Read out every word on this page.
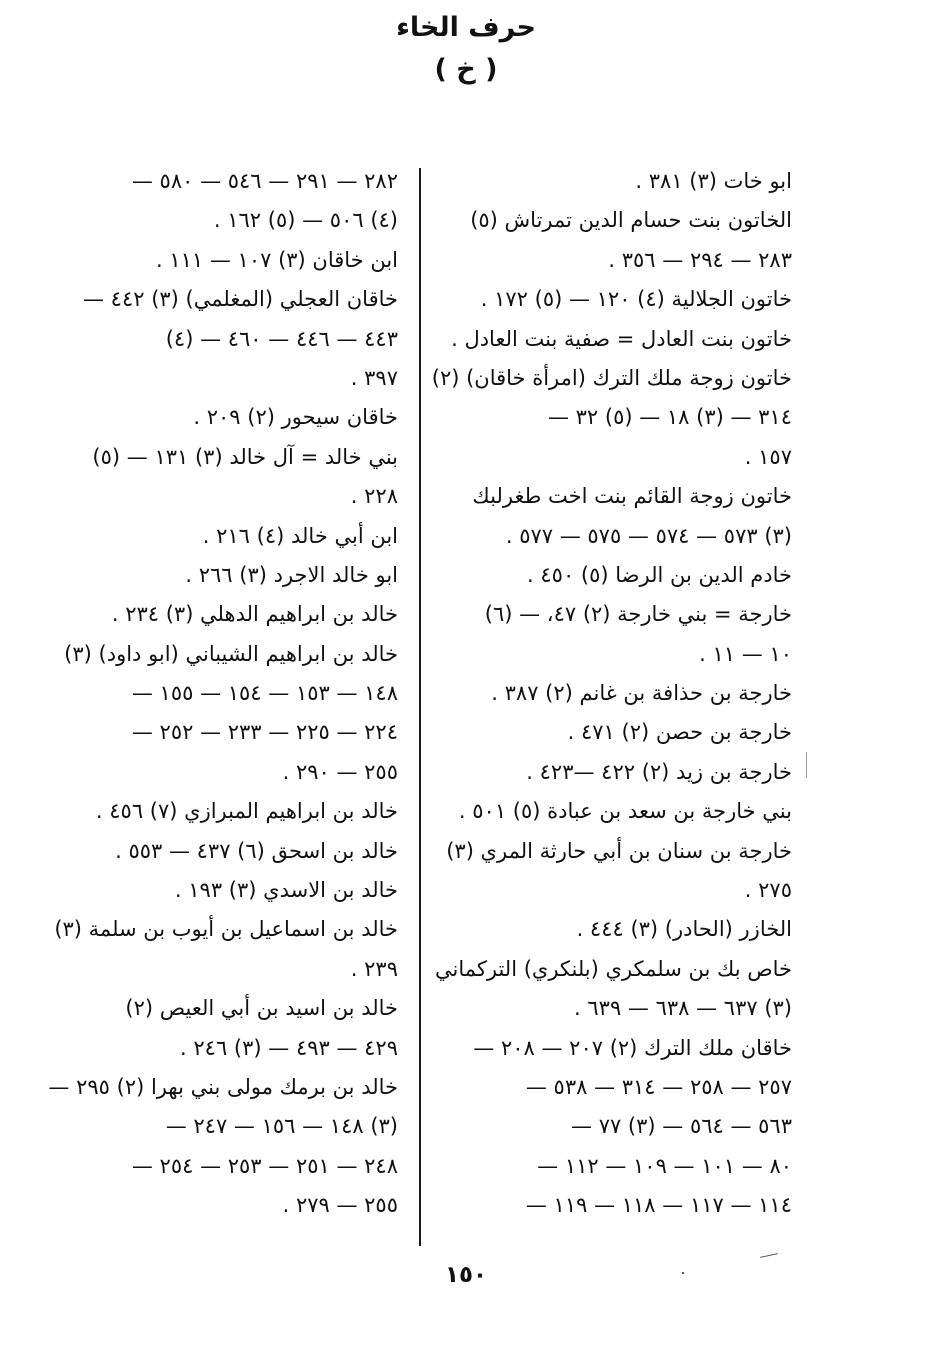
حرف الخاء
( خ )
ابو خات (٣) ٣٨١ .
الخاتون بنت حسام الدين تمرتاش (٥)
٢٨٣ — ٢٩٤ — ٣٥٦ .
خاتون الجلالية (٤) ١٢٠ — (٥) ١٧٢ .
خاتون بنت العادل = صفية بنت العادل .
خاتون زوجة ملك الترك (امرأة خاقان) (٢)
٣١٤ — (٣) ١٨ — (٥) ٣٢ —
١٥٧ .
خاتون زوجة القائم بنت اخت طغرلبك
(٣) ٥٧٣ — ٥٧٤ — ٥٧٥ — ٥٧٧ .
خادم الدين بن الرضا (٥) ٤٥٠ .
خارجة = بني خارجة (٢) ٤٧، — (٦)
١٠ — ١١ .
خارجة بن حذافة بن غانم (٢) ٣٨٧ .
خارجة بن حصن (٢) ٤٧١ .
خارجة بن زيد (٢) ٤٢٢ —٤٢٣ .
بني خارجة بن سعد بن عبادة (٥) ٥٠١ .
خارجة بن سنان بن أبي حارثة المري (٣)
٢٧٥ .
الخازر (الحادر) (٣) ٤٤٤ .
خاص بك بن سلمكري (بلنكري) التركماني
(٣) ٦٣٧ — ٦٣٨ — ٦٣٩ .
خاقان ملك الترك (٢) ٢٠٧ — ٢٠٨ —
٢٥٧ — ٢٥٨ — ٣١٤ — ٥٣٨ —
٥٦٣ — ٥٦٤ — (٣) ٧٧ —
٨٠ — ١٠١ — ١٠٩ — ١١٢ —
١١٤ — ١١٧ — ١١٨ — ١١٩ —
٢٨٢ — ٢٩١ — ٥٤٦ — ٥٨٠ —
(٤) ٥٠٦ — (٥) ١٦٢ .
ابن خاقان (٣) ١٠٧ — ١١١ .
خاقان العجلي (المغلمي) (٣) ٤٤٢ —
٤٤٣ — ٤٤٦ — ٤٦٠ — (٤)
٣٩٧ .
خاقان سيحور (٢) ٢٠٩ .
بني خالد = آل خالد (٣) ١٣١ — (٥)
٢٢٨ .
ابن أبي خالد (٤) ٢١٦ .
ابو خالد الاجرد (٣) ٢٦٦ .
خالد بن ابراهيم الدهلي (٣) ٢٣٤ .
خالد بن ابراهيم الشيباني (ابو داود) (٣)
١٤٨ — ١٥٣ — ١٥٤ — ١٥٥ —
٢٢٤ — ٢٢٥ — ٢٣٣ — ٢٥٢ —
٢٥٥ — ٢٩٠ .
خالد بن ابراهيم المبرازي (٧) ٤٥٦ .
خالد بن اسحق (٦) ٤٣٧ — ٥٥٣ .
خالد بن الاسدي (٣) ١٩٣ .
خالد بن اسماعيل بن أيوب بن سلمة (٣)
٢٣٩ .
خالد بن اسيد بن أبي العيص (٢)
٤٢٩ — ٤٩٣ — (٣) ٢٤٦ .
خالد بن برمك مولى بني بهرا (٢) ٢٩٥ —
(٣) ١٤٨ — ١٥٦ — ٢٤٧ —
٢٤٨ — ٢٥١ — ٢٥٣ — ٢٥٤ —
٢٥٥ — ٢٧٩ .
١٥٠
